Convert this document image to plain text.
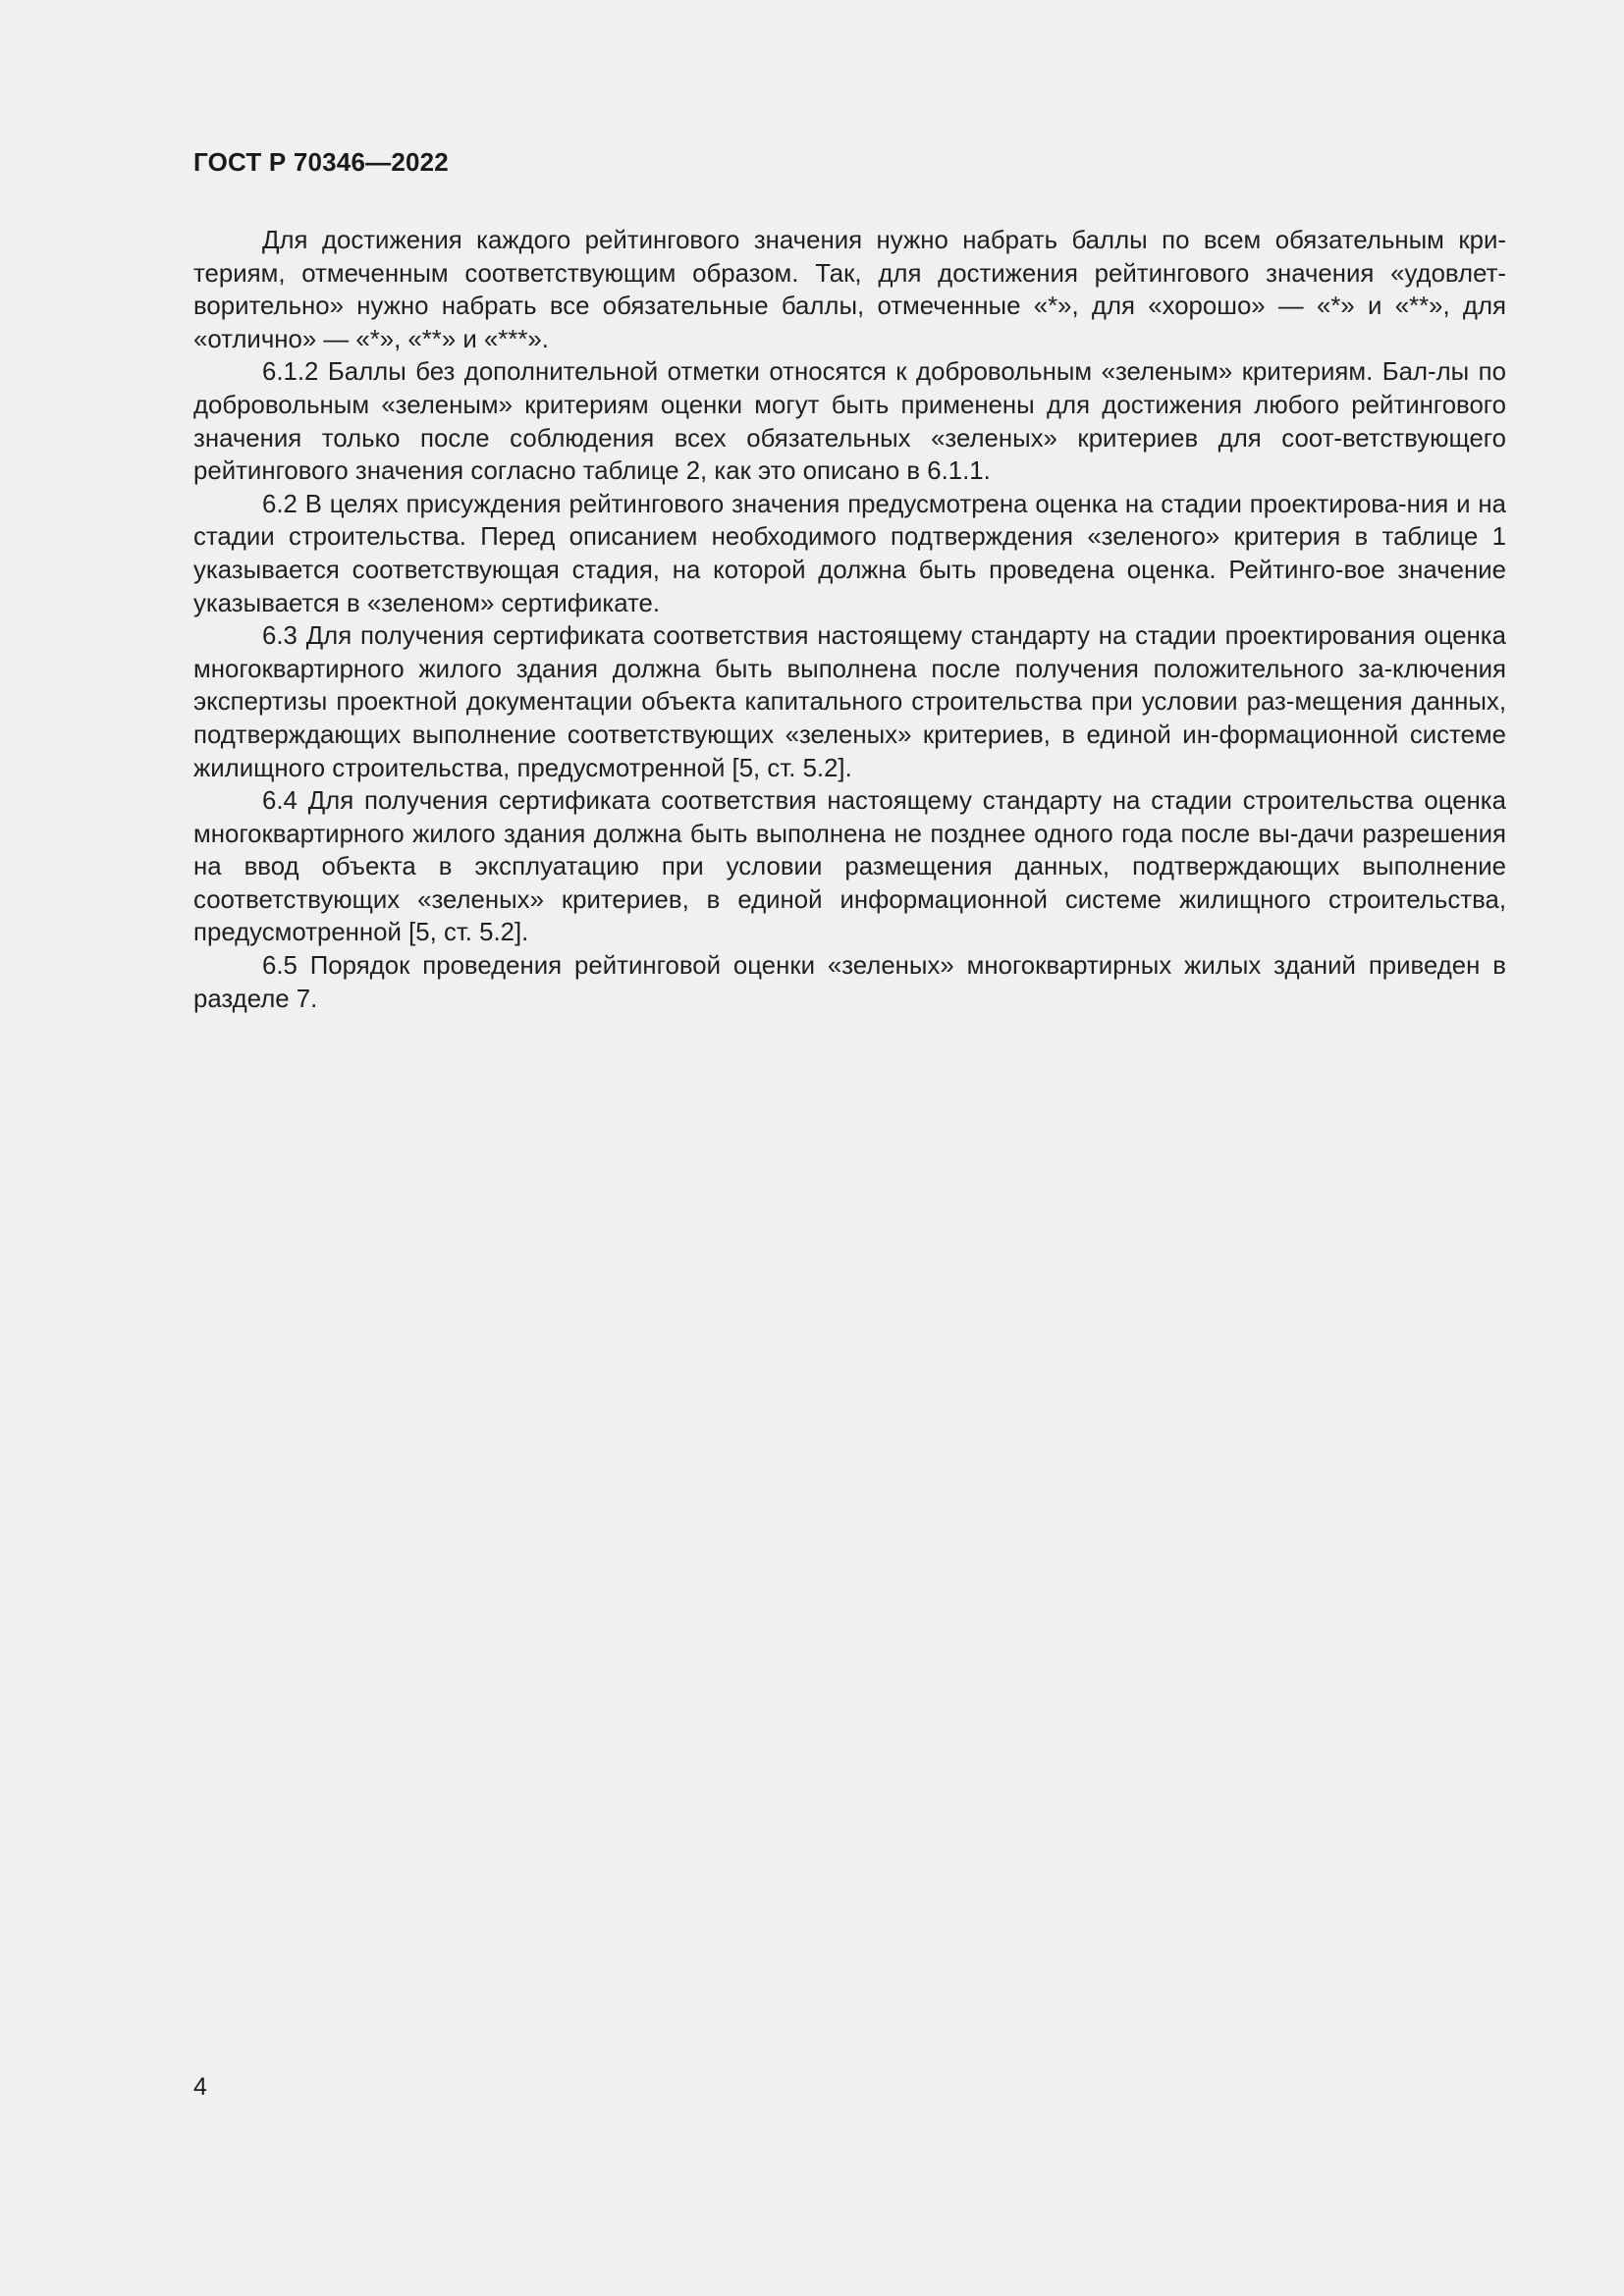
ГОСТ Р 70346—2022

Для достижения каждого рейтингового значения нужно набрать баллы по всем обязательным кри-териям, отмеченным соответствующим образом. Так, для достижения рейтингового значения «удовлет-ворительно» нужно набрать все обязательные баллы, отмеченные «*», для «хорошо» — «*» и «**», для «отлично» — «*», «**» и «***».

6.1.2 Баллы без дополнительной отметки относятся к добровольным «зеленым» критериям. Бал-лы по добровольным «зеленым» критериям оценки могут быть применены для достижения любого рейтингового значения только после соблюдения всех обязательных «зеленых» критериев для соот-ветствующего рейтингового значения согласно таблице 2, как это описано в 6.1.1.

6.2 В целях присуждения рейтингового значения предусмотрена оценка на стадии проектирова-ния и на стадии строительства. Перед описанием необходимого подтверждения «зеленого» критерия в таблице 1 указывается соответствующая стадия, на которой должна быть проведена оценка. Рейтинго-вое значение указывается в «зеленом» сертификате.

6.3 Для получения сертификата соответствия настоящему стандарту на стадии проектирования оценка многоквартирного жилого здания должна быть выполнена после получения положительного за-ключения экспертизы проектной документации объекта капитального строительства при условии раз-мещения данных, подтверждающих выполнение соответствующих «зеленых» критериев, в единой ин-формационной системе жилищного строительства, предусмотренной [5, ст. 5.2].

6.4 Для получения сертификата соответствия настоящему стандарту на стадии строительства оценка многоквартирного жилого здания должна быть выполнена не позднее одного года после вы-дачи разрешения на ввод объекта в эксплуатацию при условии размещения данных, подтверждающих выполнение соответствующих «зеленых» критериев, в единой информационной системе жилищного строительства, предусмотренной [5, ст. 5.2].

6.5 Порядок проведения рейтинговой оценки «зеленых» многоквартирных жилых зданий приведен в разделе 7.

4
